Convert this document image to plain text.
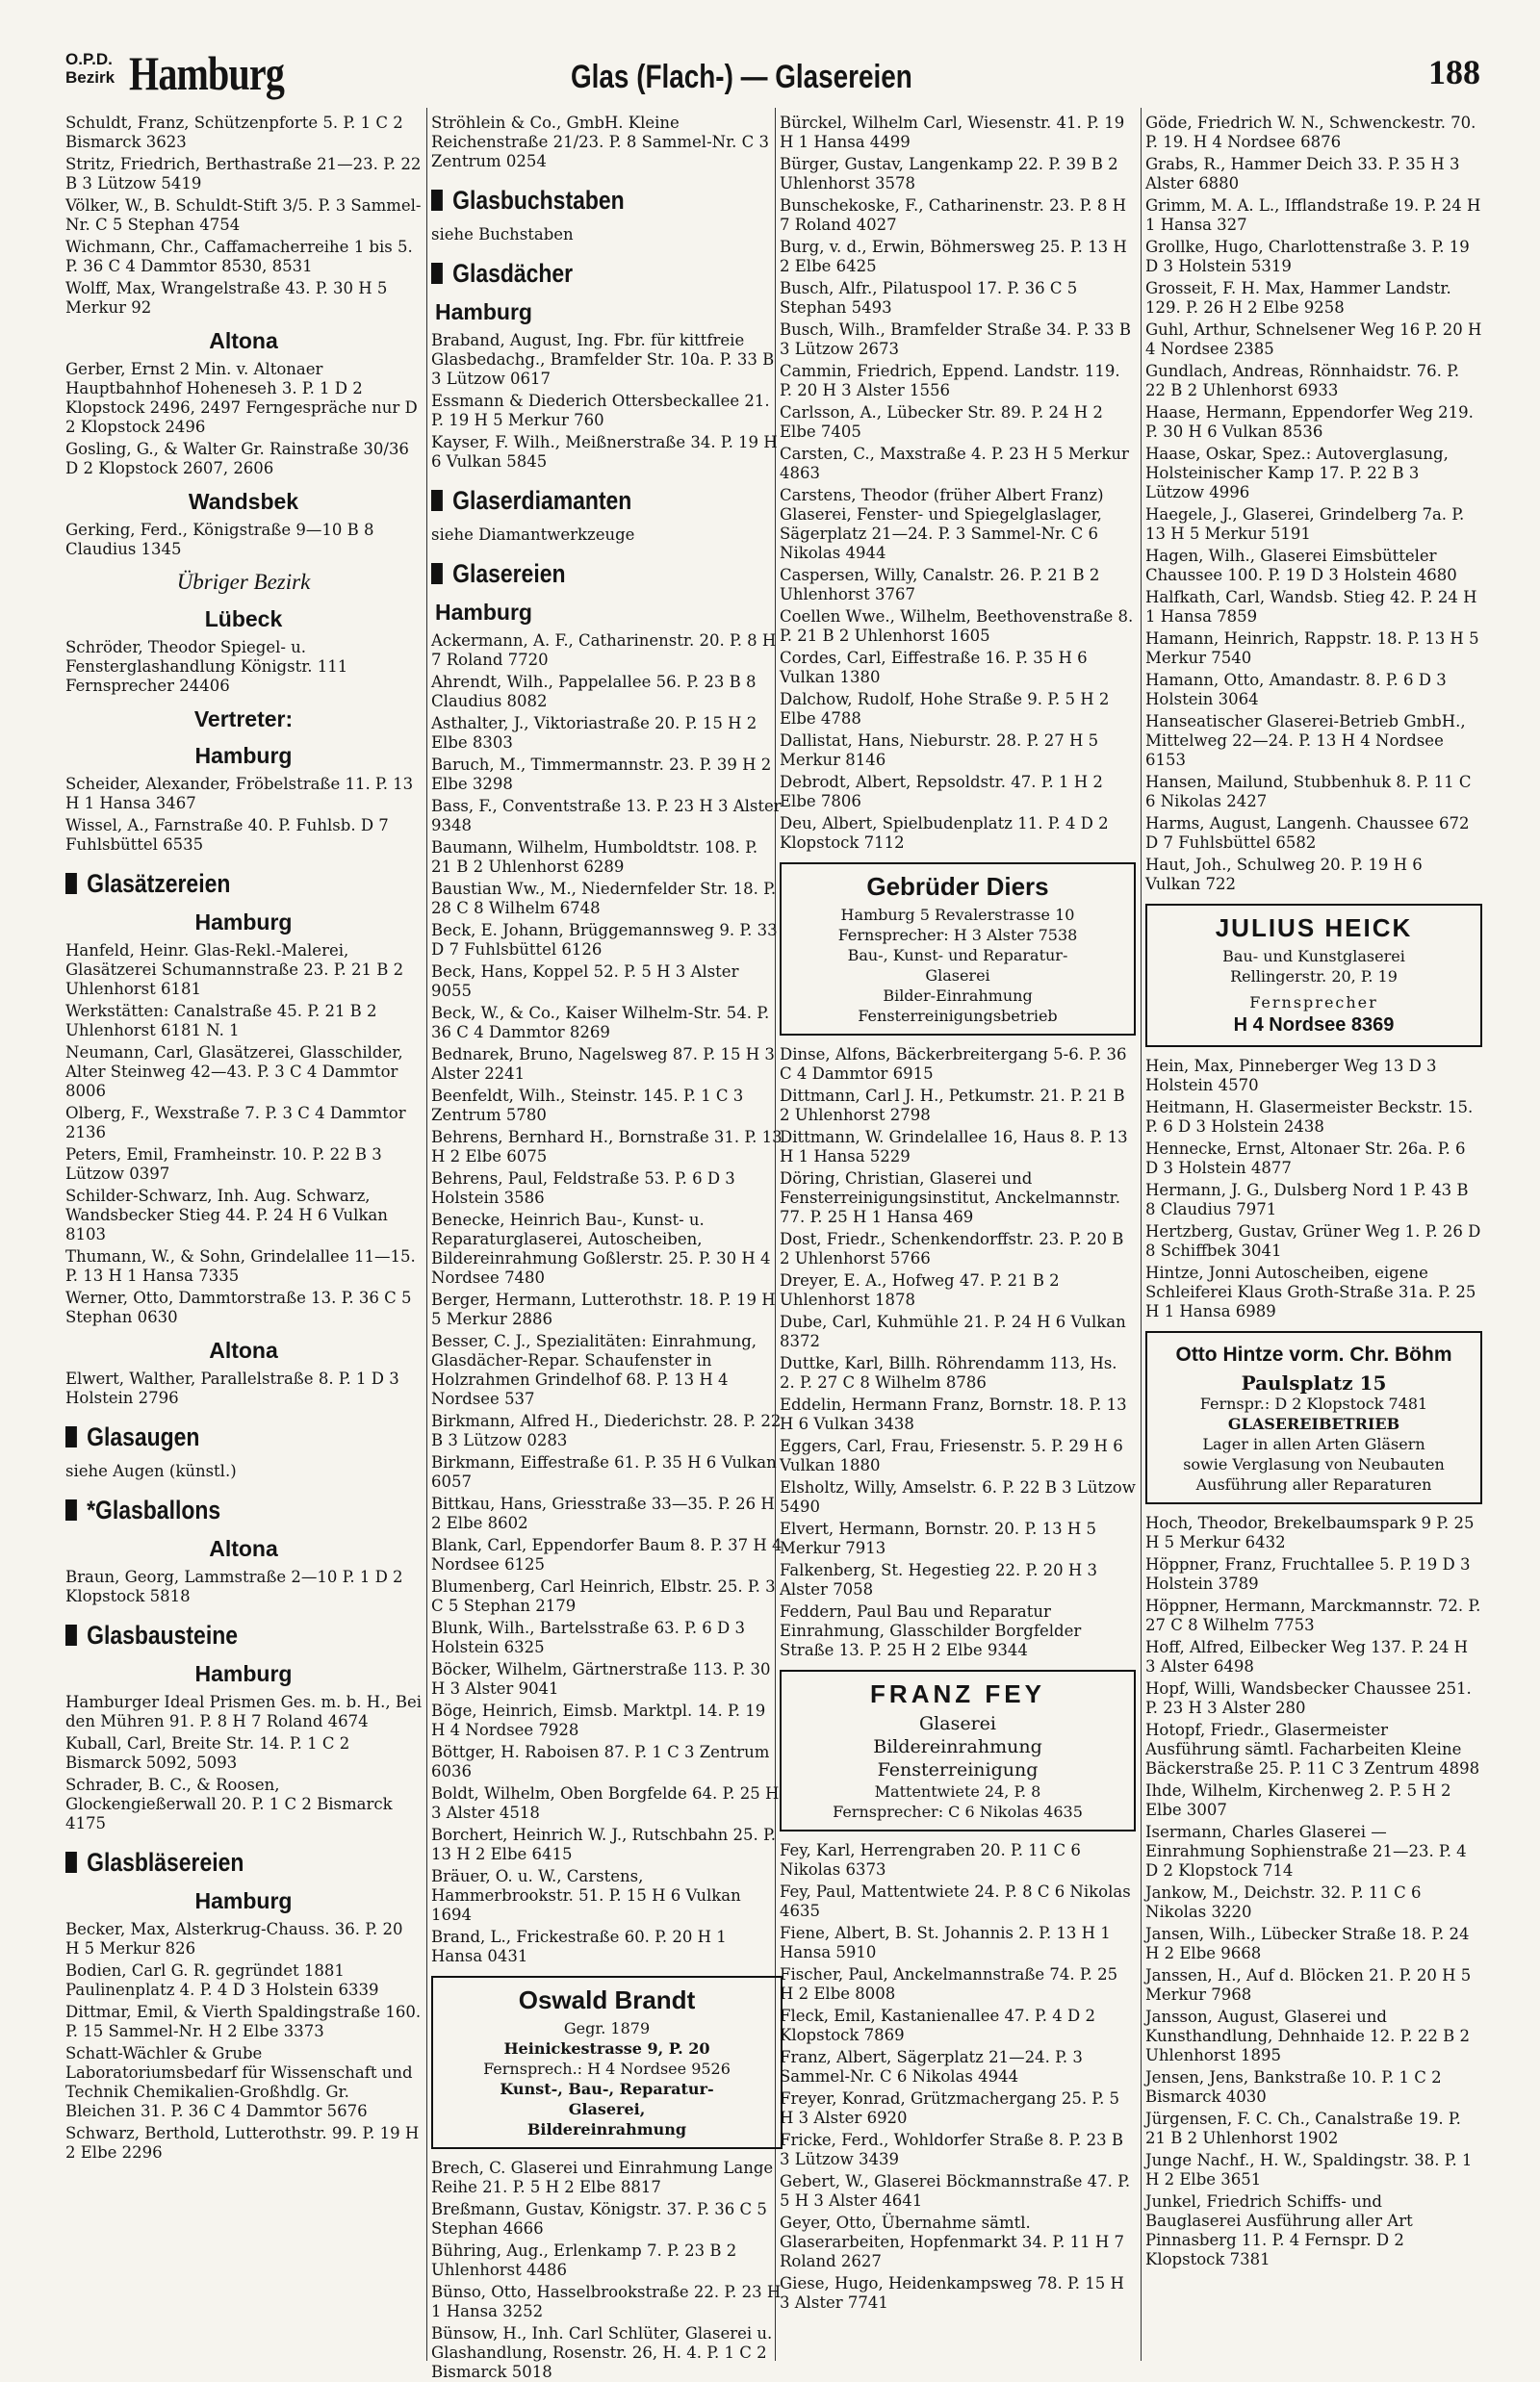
O.P.D.
Bezirk Hamburg	Glas (Flach-) — Glasereien	188
Schuldt, Franz, Schützenpforte 5. P. 1 C 2 Bismarck 3623
Stritz, Friedrich, Berthastraße 21—23. P. 22 B 3 Lützow 5419
Völker, W., B. Schuldt-Stift 3/5. P. 3 Sammel-Nr. C 5 Stephan 4754
Wichmann, Chr., Caffamacherreihe 1 bis 5. P. 36 C 4 Dammtor 8530, 8531
Wolff, Max, Wrangelstraße 43. P. 30 H 5 Merkur 92
Altona
Gerber, Ernst 2 Min. v. Altonaer Hauptbahnhof Hoheneseh 3. P. 1 D 2 Klopstock 2496, 2497 Ferngespräche nur D 2 Klopstock 2496
Gosling, G., & Walter Gr. Rainstraße 30/36 D 2 Klopstock 2607, 2606
Wandsbek
Gerking, Ferd., Königstraße 9—10 B 8 Claudius 1345
Übriger Bezirk
Lübeck
Schröder, Theodor Spiegel- u. Fensterglashandlung Königstr. 111 Fernsprecher 24406
Vertreter:
Hamburg
Scheider, Alexander, Fröbelstraße 11. P. 13 H 1 Hansa 3467
Wissel, A., Farnstraße 40. P. Fuhlsb. D 7 Fuhlsbüttel 6535
Glasätzereien
Hamburg
Hanfeld, Heinr. Glas-Rekl.-Malerei, Glasätzerei Schumannstraße 23. P. 21 B 2 Uhlenhorst 6181
Werkstätten: Canalstraße 45. P. 21 B 2 Uhlenhorst 6181 N. 1
Neumann, Carl, Glasätzerei, Glasschilder, Alter Steinweg 42—43. P. 3 C 4 Dammtor 8006
Olberg, F., Wexstraße 7. P. 3 C 4 Dammtor 2136
Peters, Emil, Framheinstr. 10. P. 22 B 3 Lützow 0397
Schilder-Schwarz, Inh. Aug. Schwarz, Wandsbecker Stieg 44. P. 24 H 6 Vulkan 8103
Thumann, W., & Sohn, Grindelallee 11—15. P. 13 H 1 Hansa 7335
Werner, Otto, Dammtorstraße 13. P. 36 C 5 Stephan 0630
Altona
Elwert, Walther, Parallelstraße 8. P. 1 D 3 Holstein 2796
Glasaugen
siehe Augen (künstl.)
*Glasballons
Altona
Braun, Georg, Lammstraße 2—10 P. 1 D 2 Klopstock 5818
Glasbausteine
Hamburg
Hamburger Ideal Prismen Ges. m. b. H., Bei den Mühren 91. P. 8 H 7 Roland 4674
Kuball, Carl, Breite Str. 14. P. 1 C 2 Bismarck 5092, 5093
Schrader, B. C., & Roosen, Glockengießerwall 20. P. 1 C 2 Bismarck 4175
Glasbläsereien
Hamburg
Becker, Max, Alsterkrug-Chauss. 36. P. 20 H 5 Merkur 826
Bodien, Carl G. R. gegründet 1881 Paulinenplatz 4. P. 4 D 3 Holstein 6339
Dittmar, Emil, & Vierth Spaldingstraße 160. P. 15 Sammel-Nr. H 2 Elbe 3373
Schatt-Wächler & Grube Laboratoriumsbedarf für Wissenschaft und Technik Chemikalien-Großhdlg. Gr. Bleichen 31. P. 36 C 4 Dammtor 5676
Schwarz, Berthold, Lutterothstr. 99. P. 19 H 2 Elbe 2296
Ströhlein & Co., GmbH. Kleine Reichenstraße 21/23. P. 8 Sammel-Nr. C 3 Zentrum 0254
Glasbuchstaben
siehe Buchstaben
Glasdächer
Hamburg
Braband, August, Ing. Fbr. für kittfreie Glasbedachg., Bramfelder Str. 10a. P. 33 B 3 Lützow 0617
Essmann & Diederich Ottersbeckallee 21. P. 19 H 5 Merkur 760
Kayser, F. Wilh., Meißnerstraße 34. P. 19 H 6 Vulkan 5845
Glaserdiamanten
siehe Diamantwerkzeuge
Glasereien
Hamburg
Ackermann, A. F., Catharinenstr. 20. P. 8 H 7 Roland 7720
Ahrendt, Wilh., Pappelallee 56. P. 23 B 8 Claudius 8082
Asthalter, J., Viktoriastraße 20. P. 15 H 2 Elbe 8303
Baruch, M., Timmermannstr. 23. P. 39 H 2 Elbe 3298
Bass, F., Conventstraße 13. P. 23 H 3 Alster 9348
Baumann, Wilhelm, Humboldtstr. 108. P. 21 B 2 Uhlenhorst 6289
Baustian Ww., M., Niedernfelder Str. 18. P. 28 C 8 Wilhelm 6748
Beck, E. Johann, Brüggemannsweg 9. P. 33 D 7 Fuhlsbüttel 6126
Beck, Hans, Koppel 52. P. 5 H 3 Alster 9055
Beck, W., & Co., Kaiser Wilhelm-Str. 54. P. 36 C 4 Dammtor 8269
Bednarek, Bruno, Nagelsweg 87. P. 15 H 3 Alster 2241
Beenfeldt, Wilh., Steinstr. 145. P. 1 C 3 Zentrum 5780
Behrens, Bernhard H., Bornstraße 31. P. 13 H 2 Elbe 6075
Behrens, Paul, Feldstraße 53. P. 6 D 3 Holstein 3586
Benecke, Heinrich Bau-, Kunst- u. Reparaturglaserei, Autoscheiben, Bildereinrahmung Goßlerstr. 25. P. 30 H 4 Nordsee 7480
Berger, Hermann, Lutterothstr. 18. P. 19 H 5 Merkur 2886
Besser, C. J., Spezialitäten: Einrahmung, Glasdächer-Repar. Schaufenster in Holzrahmen Grindelhof 68. P. 13 H 4 Nordsee 537
Birkmann, Alfred H., Diederichstr. 28. P. 22 B 3 Lützow 0283
Birkmann, Eiffestraße 61. P. 35 H 6 Vulkan 6057
Bittkau, Hans, Griesstraße 33—35. P. 26 H 2 Elbe 8602
Blank, Carl, Eppendorfer Baum 8. P. 37 H 4 Nordsee 6125
Blumenberg, Carl Heinrich, Elbstr. 25. P. 3 C 5 Stephan 2179
Blunk, Wilh., Bartelsstraße 63. P. 6 D 3 Holstein 6325
Böcker, Wilhelm, Gärtnerstraße 113. P. 30 H 3 Alster 9041
Böge, Heinrich, Eimsb. Marktpl. 14. P. 19 H 4 Nordsee 7928
Böttger, H. Raboisen 87. P. 1 C 3 Zentrum 6036
Boldt, Wilhelm, Oben Borgfelde 64. P. 25 H 3 Alster 4518
Borchert, Heinrich W. J., Rutschbahn 25. P. 13 H 2 Elbe 6415
Bräuer, O. u. W., Carstens, Hammerbrookstr. 51. P. 15 H 6 Vulkan 1694
Brand, L., Frickestraße 60. P. 20 H 1 Hansa 0431
Oswald Brandt
Gegr. 1879
Heinickestrasse 9, P. 20
Fernsprech.: H 4 Nordsee 9526
Kunst-, Bau-, Reparatur-
Glaserei,
Bildereinrahmung
Brech, C. Glaserei und Einrahmung Lange Reihe 21. P. 5 H 2 Elbe 8817
Breßmann, Gustav, Königstr. 37. P. 36 C 5 Stephan 4666
Bühring, Aug., Erlenkamp 7. P. 23 B 2 Uhlenhorst 4486
Bünso, Otto, Hasselbrookstraße 22. P. 23 H 1 Hansa 3252
Bünsow, H., Inh. Carl Schlüter, Glaserei u. Glashandlung, Rosenstr. 26, H. 4. P. 1 C 2 Bismarck 5018
Bürckel, Wilhelm Carl, Wiesenstr. 41. P. 19 H 1 Hansa 4499
Bürger, Gustav, Langenkamp 22. P. 39 B 2 Uhlenhorst 3578
Bunschekoske, F., Catharinenstr. 23. P. 8 H 7 Roland 4027
Burg, v. d., Erwin, Böhmersweg 25. P. 13 H 2 Elbe 6425
Busch, Alfr., Pilatuspool 17. P. 36 C 5 Stephan 5493
Busch, Wilh., Bramfelder Straße 34. P. 33 B 3 Lützow 2673
Cammin, Friedrich, Eppend. Landstr. 119. P. 20 H 3 Alster 1556
Carlsson, A., Lübecker Str. 89. P. 24 H 2 Elbe 7405
Carsten, C., Maxstraße 4. P. 23 H 5 Merkur 4863
Carstens, Theodor (früher Albert Franz) Glaserei, Fenster- und Spiegelglaslager, Sägerplatz 21—24. P. 3 Sammel-Nr. C 6 Nikolas 4944
Caspersen, Willy, Canalstr. 26. P. 21 B 2 Uhlenhorst 3767
Coellen Wwe., Wilhelm, Beethovenstraße 8. P. 21 B 2 Uhlenhorst 1605
Cordes, Carl, Eiffestraße 16. P. 35 H 6 Vulkan 1380
Dalchow, Rudolf, Hohe Straße 9. P. 5 H 2 Elbe 4788
Dallistat, Hans, Nieburstr. 28. P. 27 H 5 Merkur 8146
Debrodt, Albert, Repsoldstr. 47. P. 1 H 2 Elbe 7806
Deu, Albert, Spielbudenplatz 11. P. 4 D 2 Klopstock 7112
Gebrüder Diers
Hamburg 5 Revalerstrasse 10
Fernsprecher: H 3 Alster 7538
Bau-, Kunst- und Reparatur-
Glaserei
Bilder-Einrahmung
Fensterreinigungsbetrieb
Dinse, Alfons, Bäckerbreitergang 5-6. P. 36 C 4 Dammtor 6915
Dittmann, Carl J. H., Petkumstr. 21. P. 21 B 2 Uhlenhorst 2798
Dittmann, W. Grindelallee 16, Haus 8. P. 13 H 1 Hansa 5229
Döring, Christian, Glaserei und Fensterreinigungsinstitut, Anckelmannstr. 77. P. 25 H 1 Hansa 469
Dost, Friedr., Schenkendorffstr. 23. P. 20 B 2 Uhlenhorst 5766
Dreyer, E. A., Hofweg 47. P. 21 B 2 Uhlenhorst 1878
Dube, Carl, Kuhmühle 21. P. 24 H 6 Vulkan 8372
Duttke, Karl, Billh. Röhrendamm 113, Hs. 2. P. 27 C 8 Wilhelm 8786
Eddelin, Hermann Franz, Bornstr. 18. P. 13 H 6 Vulkan 3438
Eggers, Carl, Frau, Friesenstr. 5. P. 29 H 6 Vulkan 1880
Elsholtz, Willy, Amselstr. 6. P. 22 B 3 Lützow 5490
Elvert, Hermann, Bornstr. 20. P. 13 H 5 Merkur 7913
Falkenberg, St. Hegestieg 22. P. 20 H 3 Alster 7058
Feddern, Paul Bau und Reparatur Einrahmung, Glasschilder Borgfelder Straße 13. P. 25 H 2 Elbe 9344
FRANZ FEY
Glaserei
Bildereinrahmung
Fensterreinigung
Mattentwiete 24, P. 8
Fernsprecher: C 6 Nikolas 4635
Fey, Karl, Herrengraben 20. P. 11 C 6 Nikolas 6373
Fey, Paul, Mattentwiete 24. P. 8 C 6 Nikolas 4635
Fiene, Albert, B. St. Johannis 2. P. 13 H 1 Hansa 5910
Fischer, Paul, Anckelmannstraße 74. P. 25 H 2 Elbe 8008
Fleck, Emil, Kastanienallee 47. P. 4 D 2 Klopstock 7869
Franz, Albert, Sägerplatz 21—24. P. 3 Sammel-Nr. C 6 Nikolas 4944
Freyer, Konrad, Grützmachergang 25. P. 5 H 3 Alster 6920
Fricke, Ferd., Wohldorfer Straße 8. P. 23 B 3 Lützow 3439
Gebert, W., Glaserei Böckmannstraße 47. P. 5 H 3 Alster 4641
Geyer, Otto, Übernahme sämtl. Glaserarbeiten, Hopfenmarkt 34. P. 11 H 7 Roland 2627
Giese, Hugo, Heidenkampsweg 78. P. 15 H 3 Alster 7741
Göde, Friedrich W. N., Schwenckestr. 70. P. 19. H 4 Nordsee 6876
Grabs, R., Hammer Deich 33. P. 35 H 3 Alster 6880
Grimm, M. A. L., Ifflandstraße 19. P. 24 H 1 Hansa 327
Grollke, Hugo, Charlottenstraße 3. P. 19 D 3 Holstein 5319
Grosseit, F. H. Max, Hammer Landstr. 129. P. 26 H 2 Elbe 9258
Guhl, Arthur, Schnelsener Weg 16 P. 20 H 4 Nordsee 2385
Gundlach, Andreas, Rönnhaidstr. 76. P. 22 B 2 Uhlenhorst 6933
Haase, Hermann, Eppendorfer Weg 219. P. 30 H 6 Vulkan 8536
Haase, Oskar, Spez.: Autoverglasung, Holsteinischer Kamp 17. P. 22 B 3 Lützow 4996
Haegele, J., Glaserei, Grindelberg 7a. P. 13 H 5 Merkur 5191
Hagen, Wilh., Glaserei Eimsbütteler Chaussee 100. P. 19 D 3 Holstein 4680
Halfkath, Carl, Wandsb. Stieg 42. P. 24 H 1 Hansa 7859
Hamann, Heinrich, Rappstr. 18. P. 13 H 5 Merkur 7540
Hamann, Otto, Amandastr. 8. P. 6 D 3 Holstein 3064
Hanseatischer Glaserei-Betrieb GmbH., Mittelweg 22—24. P. 13 H 4 Nordsee 6153
Hansen, Mailund, Stubbenhuk 8. P. 11 C 6 Nikolas 2427
Harms, August, Langenh. Chaussee 672 D 7 Fuhlsbüttel 6582
Haut, Joh., Schulweg 20. P. 19 H 6 Vulkan 722
JULIUS HEICK
Bau- und Kunstglaserei
Rellingerstr. 20, P. 19
Fernsprecher
H 4 Nordsee 8369
Hein, Max, Pinneberger Weg 13 D 3 Holstein 4570
Heitmann, H. Glasermeister Beckstr. 15. P. 6 D 3 Holstein 2438
Hennecke, Ernst, Altonaer Str. 26a. P. 6 D 3 Holstein 4877
Hermann, J. G., Dulsberg Nord 1 P. 43 B 8 Claudius 7971
Hertzberg, Gustav, Grüner Weg 1. P. 26 D 8 Schiffbek 3041
Hintze, Jonni Autoscheiben, eigene Schleiferei Klaus Groth-Straße 31a. P. 25 H 1 Hansa 6989
Otto Hintze vorm. Chr. Böhm
Paulsplatz 15
Fernspr.: D 2 Klopstock 7481
GLASEREIBETRIEB
Lager in allen Arten Gläsern
sowie Verglasung von Neubauten
Ausführung aller Reparaturen
Hoch, Theodor, Brekelbaumspark 9 P. 25 H 5 Merkur 6432
Höppner, Franz, Fruchtallee 5. P. 19 D 3 Holstein 3789
Höppner, Hermann, Marckmannstr. 72. P. 27 C 8 Wilhelm 7753
Hoff, Alfred, Eilbecker Weg 137. P. 24 H 3 Alster 6498
Hopf, Willi, Wandsbecker Chaussee 251. P. 23 H 3 Alster 280
Hotopf, Friedr., Glasermeister Ausführung sämtl. Facharbeiten Kleine Bäckerstraße 25. P. 11 C 3 Zentrum 4898
Ihde, Wilhelm, Kirchenweg 2. P. 5 H 2 Elbe 3007
Isermann, Charles Glaserei — Einrahmung Sophienstraße 21—23. P. 4 D 2 Klopstock 714
Jankow, M., Deichstr. 32. P. 11 C 6 Nikolas 3220
Jansen, Wilh., Lübecker Straße 18. P. 24 H 2 Elbe 9668
Janssen, H., Auf d. Blöcken 21. P. 20 H 5 Merkur 7968
Jansson, August, Glaserei und Kunsthandlung, Dehnhaide 12. P. 22 B 2 Uhlenhorst 1895
Jensen, Jens, Bankstraße 10. P. 1 C 2 Bismarck 4030
Jürgensen, F. C. Ch., Canalstraße 19. P. 21 B 2 Uhlenhorst 1902
Junge Nachf., H. W., Spaldingstr. 38. P. 1 H 2 Elbe 3651
Junkel, Friedrich Schiffs- und Bauglaserei Ausführung aller Art Pinnasberg 11. P. 4 Fernspr. D 2 Klopstock 7381
